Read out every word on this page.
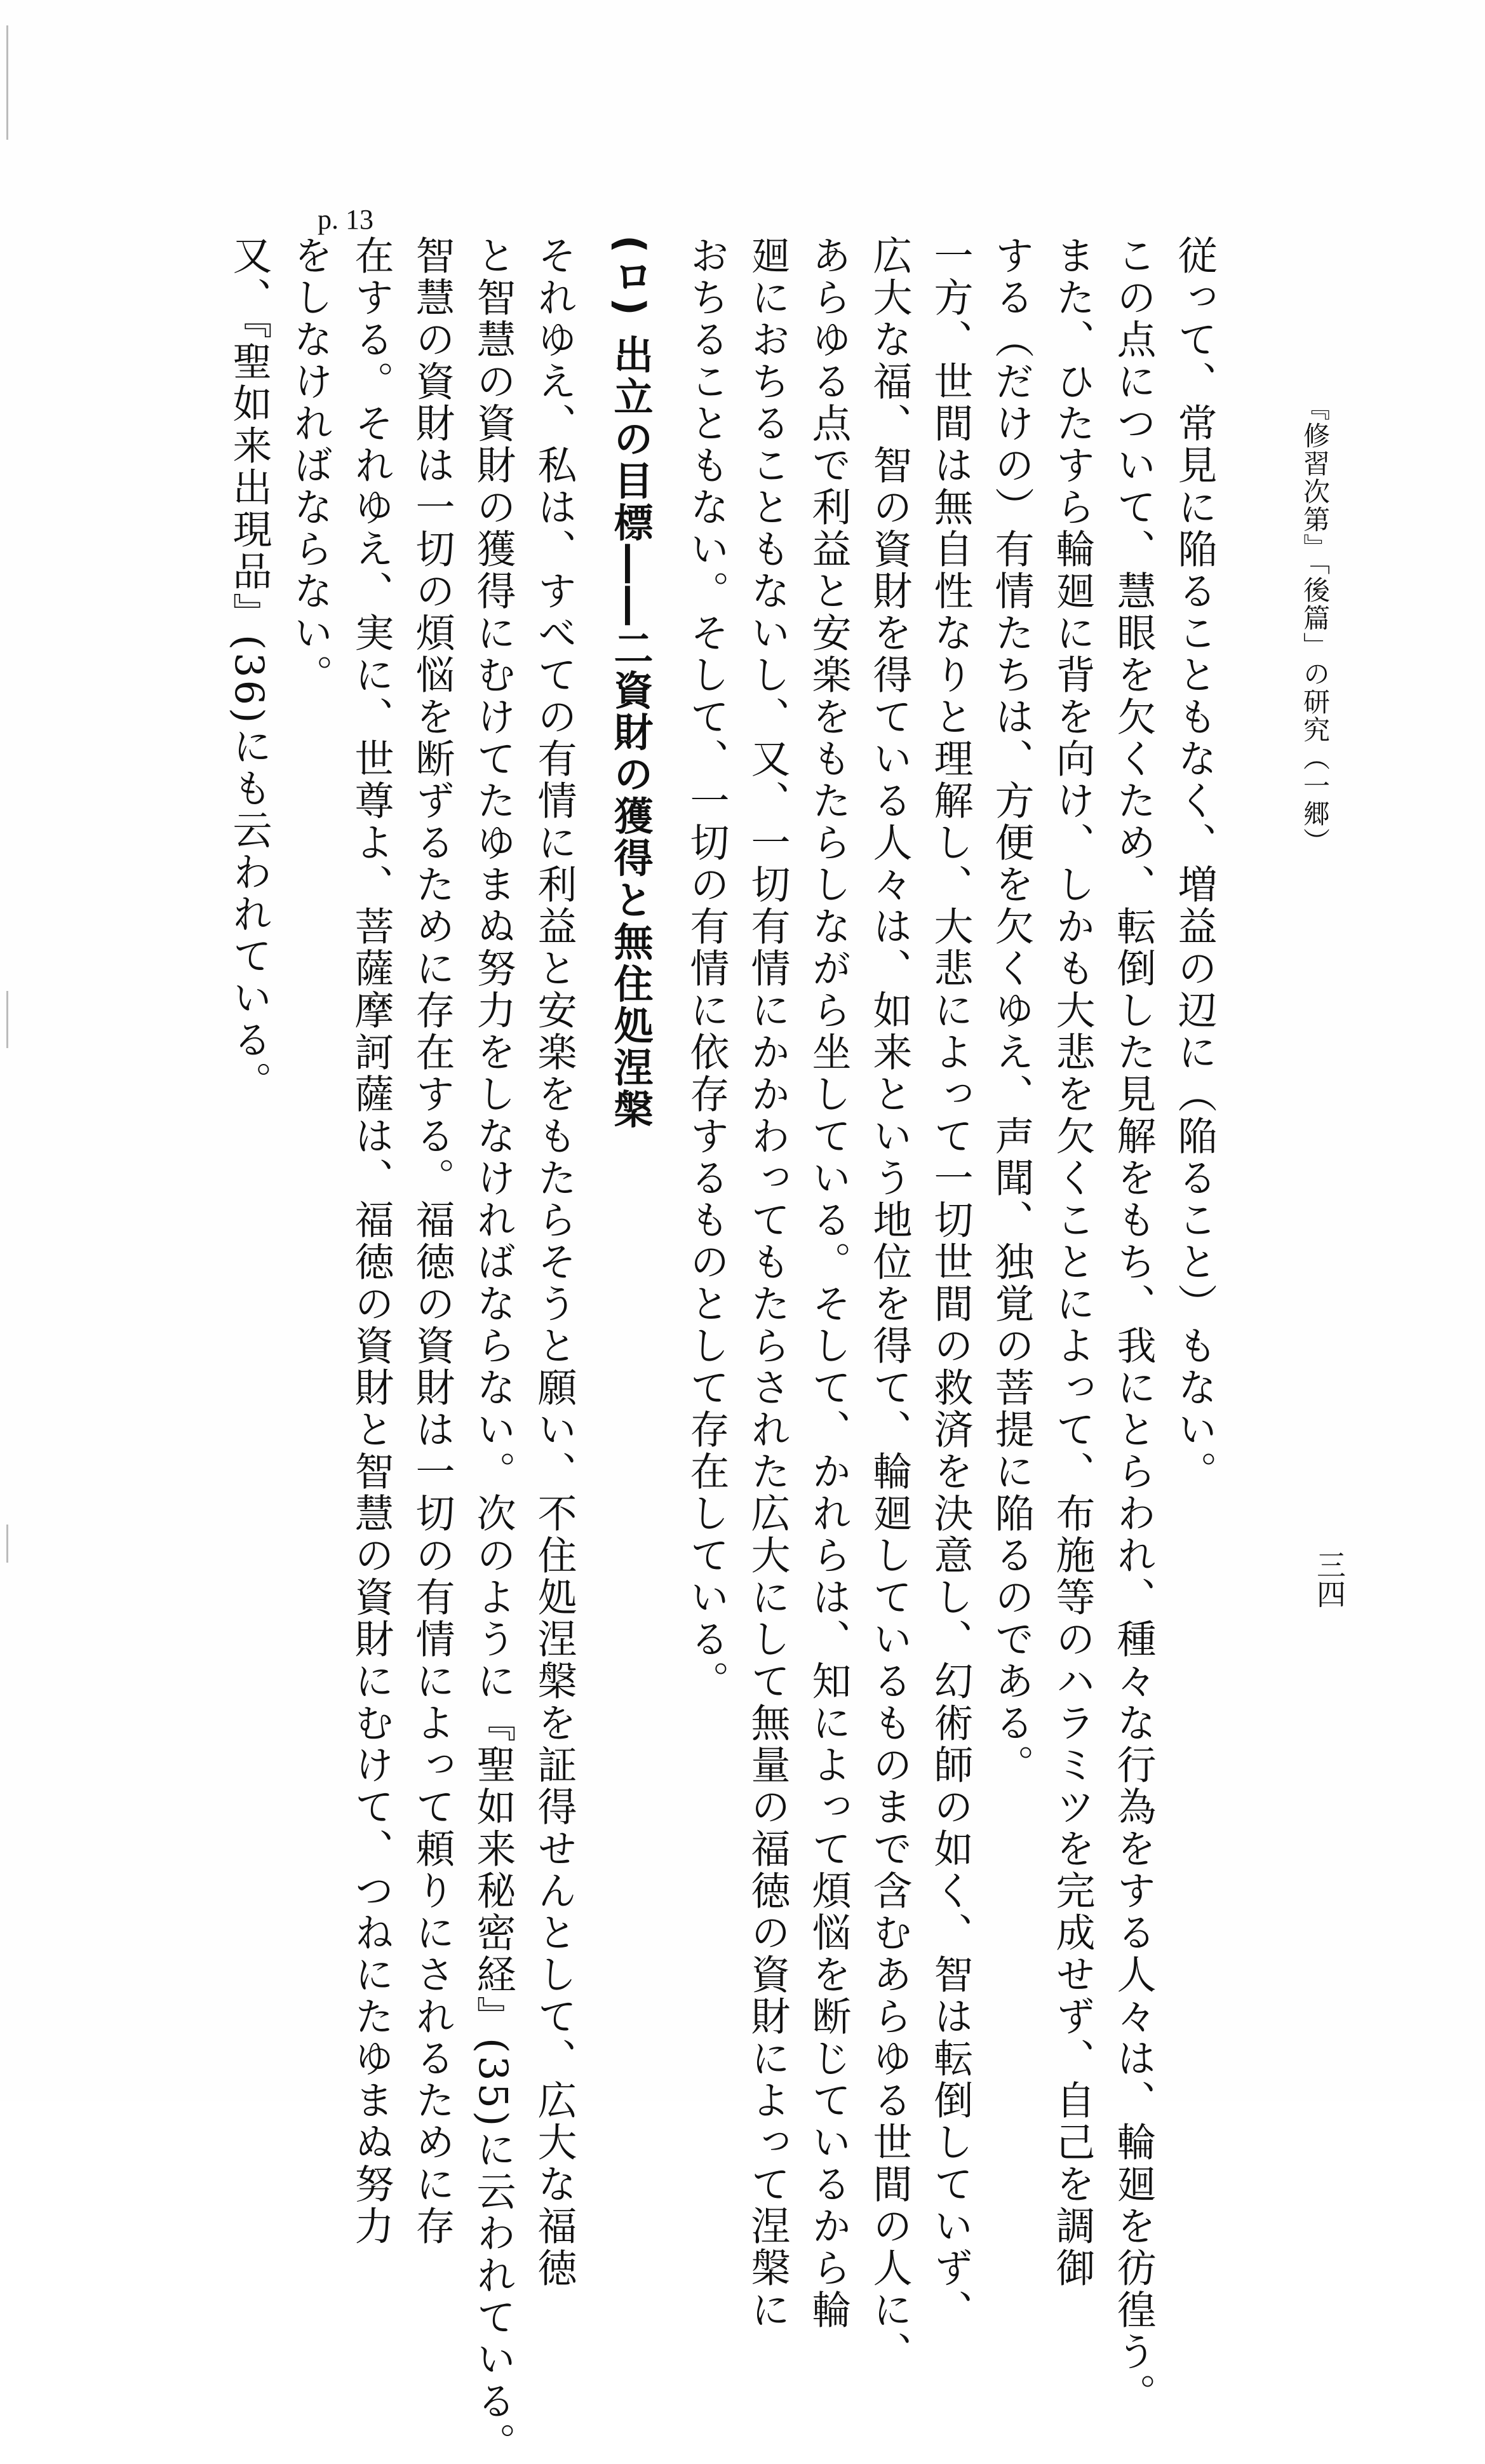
『修習次第』「後篇」の研究（一郷）
三四
p. 13

従って、常見に陥ることもなく、増益の辺に（陥ること）もない。

この点について、慧眼を欠くため、転倒した見解をもち、我にとらわれ、種々な行為をする人々は、輪廻を彷徨う。

また、ひたすら輪廻に背を向け、しかも大悲を欠くことによって、布施等のハラミツを完成せず、自己を調御

する（だけの）有情たちは、方便を欠くゆえ、声聞、独覚の菩提に陥るのである。

一方、世間は無自性なりと理解し、大悲によって一切世間の救済を決意し、幻術師の如く、智は転倒していず、

広大な福、智の資財を得ている人々は、如来という地位を得て、輪廻しているものまで含むあらゆる世間の人に、

あらゆる点で利益と安楽をもたらしながら坐している。そして、かれらは、知によって煩悩を断じているから輪

廻におちることもないし、又、一切有情にかかわってもたらされた広大にして無量の福徳の資財によって涅槃に

おちることもない。そして、一切の有情に依存するものとして存在している。

(ロ) 出立の目標――二資財の獲得と無住処涅槃

それゆえ、私は、すべての有情に利益と安楽をもたらそうと願い、不住処涅槃を証得せんとして、広大な福徳

と智慧の資財の獲得にむけてたゆまぬ努力をしなければならない。次のように『聖如来秘密経』(35)に云われている。

智慧の資財は一切の煩悩を断ずるために存在する。福徳の資財は一切の有情によって頼りにされるために存

在する。それゆえ、実に、世尊よ、菩薩摩訶薩は、福徳の資財と智慧の資財にむけて、つねにたゆまぬ努力

をしなければならない。

又、『聖如来出現品』(36)にも云われている。
